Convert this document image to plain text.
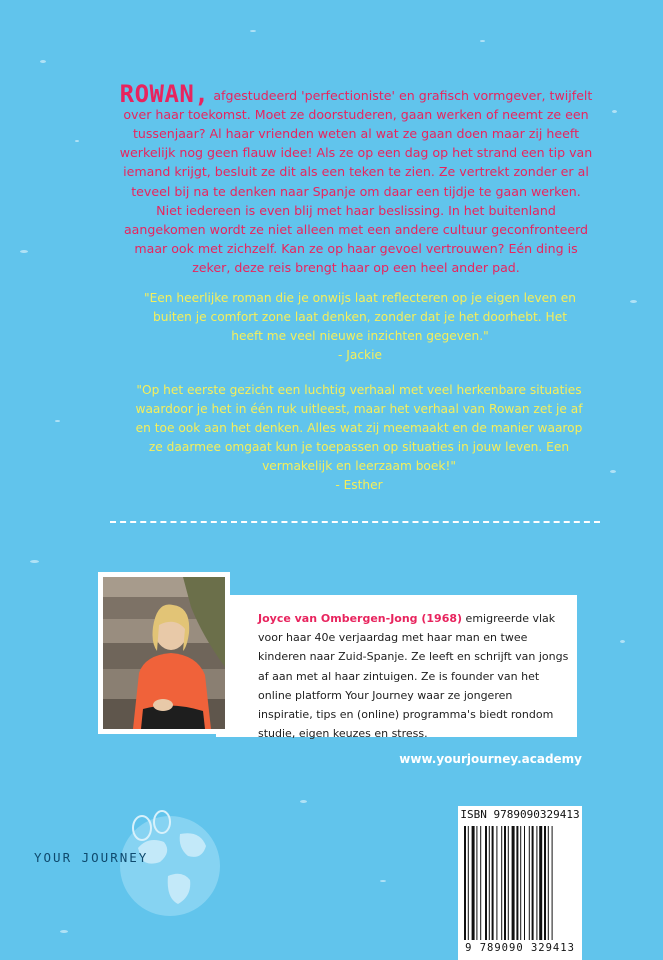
ROWAN, afgestudeerd 'perfectioniste' en grafisch vormgever, twijfelt over haar toekomst. Moet ze doorstuderen, gaan werken of neemt ze een tussenjaar? Al haar vrienden weten al wat ze gaan doen maar zij heeft werkelijk nog geen flauw idee! Als ze op een dag op het strand een tip van iemand krijgt, besluit ze dit als een teken te zien. Ze vertrekt zonder er al teveel bij na te denken naar Spanje om daar een tijdje te gaan werken. Niet iedereen is even blij met haar beslissing. In het buitenland aangekomen wordt ze niet alleen met een andere cultuur geconfronteerd maar ook met zichzelf. Kan ze op haar gevoel vertrouwen? Eén ding is zeker, deze reis brengt haar op een heel ander pad.

"Een heerlijke roman die je onwijs laat reflecteren op je eigen leven en buiten je comfort zone laat denken, zonder dat je het doorhebt. Het heeft me veel nieuwe inzichten gegeven."
- Jackie
"Op het eerste gezicht een luchtig verhaal met veel herkenbare situaties waardoor je het in één ruk uitleest, maar het verhaal van Rowan zet je af en toe ook aan het denken. Alles wat zij meemaakt en de manier waarop ze daarmee omgaat kun je toepassen op situaties in jouw leven. Een vermakelijk en leerzaam boek!"
- Esther
Joyce van Ombergen-Jong (1968) emigreerde vlak voor haar 40e verjaardag met haar man en twee kinderen naar Zuid-Spanje. Ze leeft en schrijft van jongs af aan met al haar zintuigen. Ze is founder van het online platform Your Journey waar ze jongeren inspiratie, tips en (online) programma's biedt rondom studie, eigen keuzes en stress.
www.yourjourney.academy
YOUR JOURNEY
ISBN 9789090329413
9 789090 329413
